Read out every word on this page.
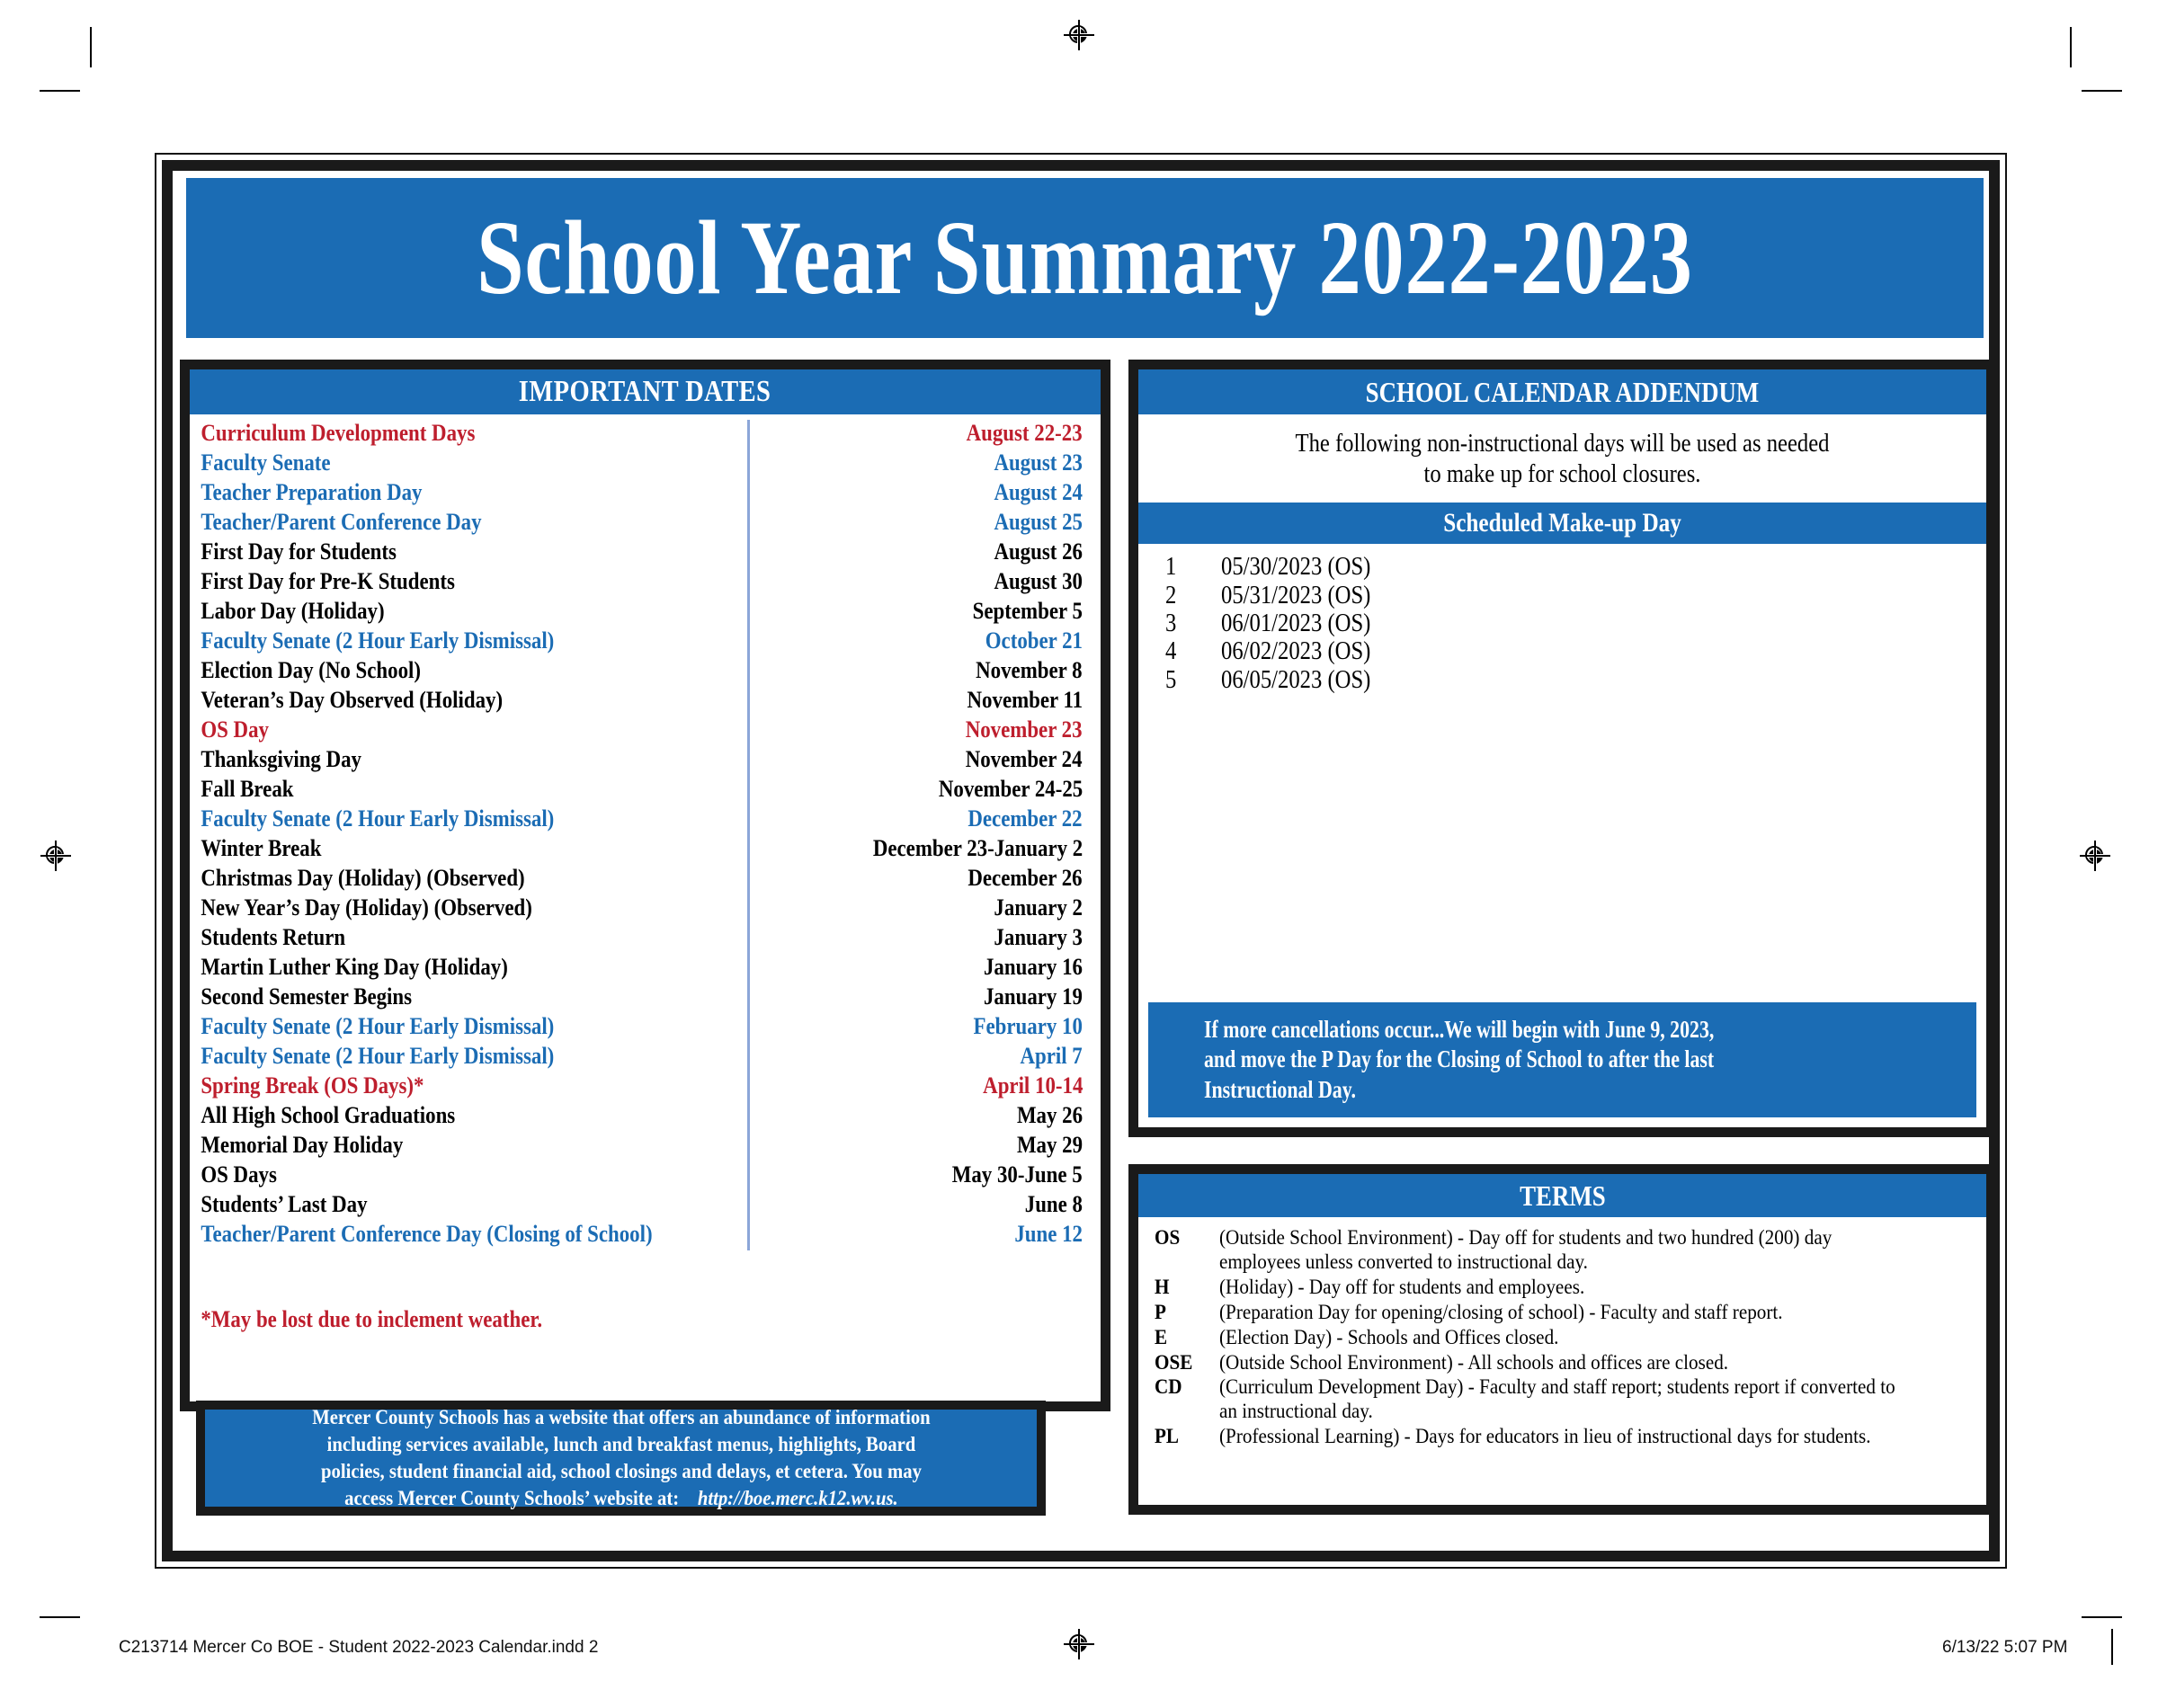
School Year Summary 2022-2023
IMPORTANT DATES
Curriculum Development Days	August 22-23
Faculty Senate	August 23
Teacher Preparation Day	August 24
Teacher/Parent Conference Day	August 25
First Day for Students	August 26
First Day for Pre-K Students	August 30
Labor Day (Holiday)	September 5
Faculty Senate (2 Hour Early Dismissal)	October 21
Election Day (No School)	November 8
Veteran’s Day Observed (Holiday)	November 11
OS Day	November 23
Thanksgiving Day	November 24
Fall Break	November 24-25
Faculty Senate (2 Hour Early Dismissal)	December 22
Winter Break	December 23-January 2
Christmas Day (Holiday) (Observed)	December 26
New Year’s Day (Holiday) (Observed)	January 2
Students Return	January 3
Martin Luther King Day (Holiday)	January 16
Second Semester Begins	January 19
Faculty Senate (2 Hour Early Dismissal)	February 10
Faculty Senate (2 Hour Early Dismissal)	April 7
Spring Break (OS Days)*	April 10-14
All High School Graduations	May 26
Memorial Day Holiday	May 29
OS Days	May 30-June 5
Students’ Last Day	June 8
Teacher/Parent Conference Day (Closing of School)	June 12
*May be lost due to inclement weather.
Mercer County Schools has a website that offers an abundance of information
including services available, lunch and breakfast menus, highlights, Board
policies, student financial aid, school closings and delays, et cetera. You may
access Mercer County Schools’ website at: http://boe.merc.k12.wv.us.
SCHOOL CALENDAR ADDENDUM
The following non-instructional days will be used as needed
to make up for school closures.
Scheduled Make-up Day
1	05/30/2023 (OS)
2	05/31/2023 (OS)
3	06/01/2023 (OS)
4	06/02/2023 (OS)
5	06/05/2023 (OS)
If more cancellations occur...We will begin with June 9, 2023,
and move the P Day for the Closing of School to after the last
Instructional Day.
TERMS
OS	(Outside School Environment) - Day off for students and two hundred (200) day employees unless converted to instructional day.
H	(Holiday) - Day off for students and employees.
P	(Preparation Day for opening/closing of school) - Faculty and staff report.
E	(Election Day) - Schools and Offices closed.
OSE	(Outside School Environment) - All schools and offices are closed.
CD	(Curriculum Development Day) - Faculty and staff report; students report if converted to an instructional day.
PL	(Professional Learning) - Days for educators in lieu of instructional days for students.
C213714 Mercer Co BOE - Student 2022-2023 Calendar.indd 2	6/13/22 5:07 PM
